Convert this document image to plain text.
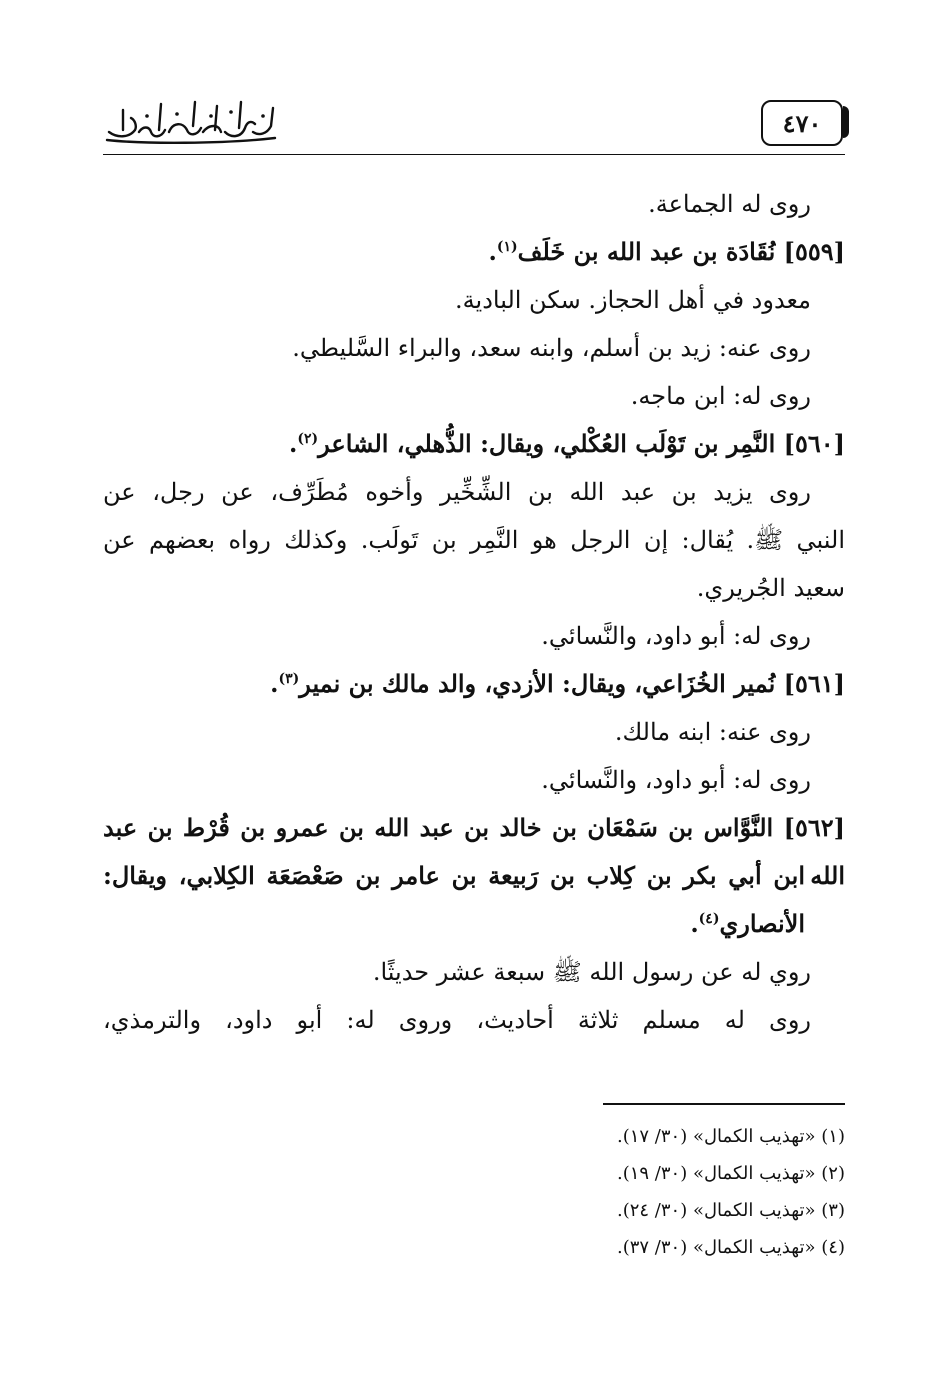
٤٧٠
روى له الجماعة.
[٥٥٩] نُقَادَة بن عبد الله بن خَلَف$^{(١)}$.
معدود في أهل الحجاز. سكن البادية.
روى عنه: زيد بن أسلم، وابنه سعد، والبراء السَّليطي.
روى له: ابن ماجه.
[٥٦٠] النَّمِر بن تَوْلَب العُكْلي، ويقال: الذُّهلي، الشاعر$^{(٢)}$.
روى يزيد بن عبد الله بن الشِّخِّير وأخوه مُطَرِّف، عن رجل، عن
النبي ﷺ. يُقال: إن الرجل هو النَّمِر بن تَولَب. وكذلك رواه بعضهم عن
سعيد الجُريري.
روى له: أبو داود، والنَّسائي.
[٥٦١] نُمير الخُزَاعي، ويقال: الأزدي، والد مالك بن نمير$^{(٣)}$.
روى عنه: ابنه مالك.
روى له: أبو داود، والنَّسائي.
[٥٦٢] النَّوَّاس بن سَمْعَان بن خالد بن عبد الله بن عمرو بن قُرْط بن عبد الله
ابن أبي بكر بن كِلاب بن رَبيعة بن عامر بن صَعْصَعَة الكِلابي، ويقال:
الأنصاري$^{(٤)}$.
روي له عن رسول الله ﷺ سبعة عشر حديثًا.
روى له مسلم ثلاثة أحاديث، وروى له: أبو داود، والترمذي،
(١) «تهذيب الكمال» (٣٠/ ١٧).
(٢) «تهذيب الكمال» (٣٠/ ١٩).
(٣) «تهذيب الكمال» (٣٠/ ٢٤).
(٤) «تهذيب الكمال» (٣٠/ ٣٧).
